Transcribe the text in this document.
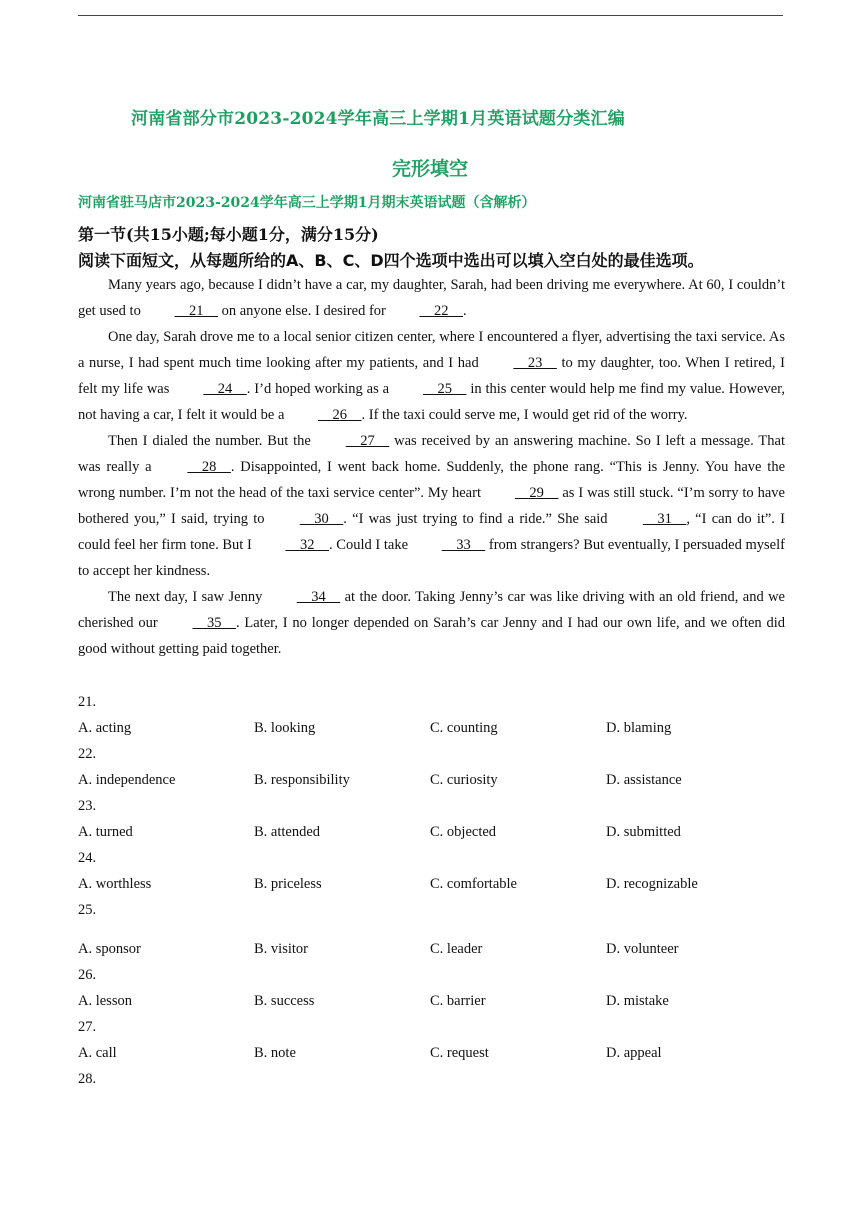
河南省部分市2023-2024学年高三上学期1月英语试题分类汇编
完形填空
河南省驻马店市2023-2024学年高三上学期1月期末英语试题（含解析）
第一节(共15小题;每小题1分，满分15分)
阅读下面短文，从每题所给的A、B、C、D四个选项中选出可以填入空白处的最佳选项。

Many years ago, because I didn’t have a car, my daughter, Sarah, had been driving me everywhere. At 60, I couldn’t get used to     21     on anyone else. I desired for     22    .

One day, Sarah drove me to a local senior citizen center, where I encountered a flyer, advertising the taxi service. As a nurse, I had spent much time looking after my patients, and I had     23     to my daughter, too. When I retired, I felt my life was     24    . I’d hoped working as a     25     in this center would help me find my value. However, not having a car, I felt it would be a     26    . If the taxi could serve me, I would get rid of the worry.

Then I dialed the number. But the     27     was received by an answering machine. So I left a message. That was really a     28    . Disappointed, I went back home. Suddenly, the phone rang. “This is Jenny. You have the wrong number. I’m not the head of the taxi service center”. My heart     29     as I was still stuck. “I’m sorry to have bothered you,” I said, trying to     30    . “I was just trying to find a ride.” She said     31    , “I can do it”. I could feel her firm tone. But I     32    . Could I take     33     from strangers? But eventually, I persuaded myself to accept her kindness.

The next day, I saw Jenny     34     at the door. Taking Jenny’s car was like driving with an old friend, and we cherished our     35    . Later, I no longer depended on Sarah’s car Jenny and I had our own life, and we often did good without getting paid together.

21.
A. acting	B. looking	C. counting	D. blaming
22.
A. independence	B. responsibility	C. curiosity	D. assistance
23.
A. turned	B. attended	C. objected	D. submitted
24.
A. worthless	B. priceless	C. comfortable	D. recognizable
25.
A. sponsor	B. visitor	C. leader	D. volunteer
26.
A. lesson	B. success	C. barrier	D. mistake
27.
A. call	B. note	C. request	D. appeal
28.
